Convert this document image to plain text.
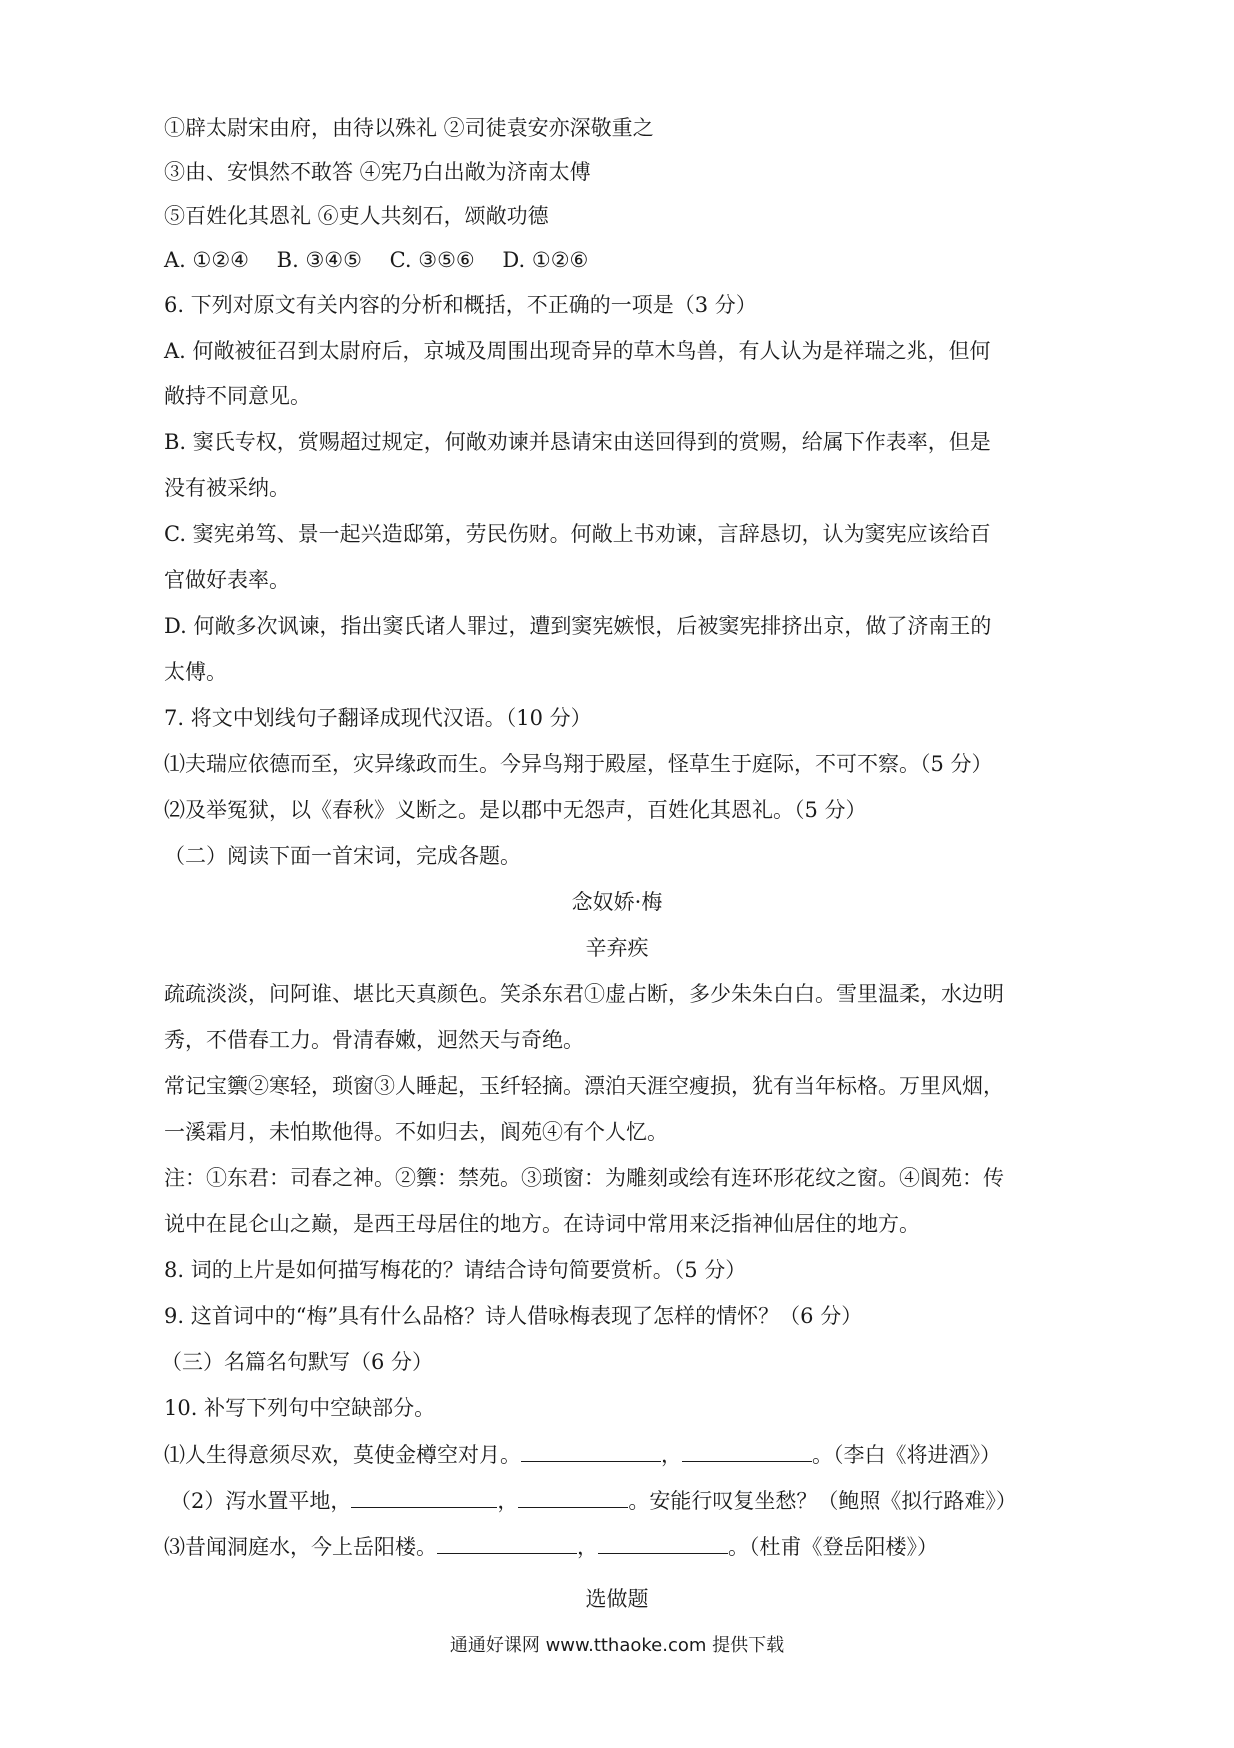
①辟太尉宋由府，由待以殊礼 ②司徒袁安亦深敬重之
③由、安惧然不敢答 ④宪乃白出敞为济南太傅
⑤百姓化其恩礼 ⑥吏人共刻石，颂敞功德
A. ①②④　 B. ③④⑤　 C. ③⑤⑥　 D. ①②⑥
6. 下列对原文有关内容的分析和概括，不正确的一项是（3 分）
A. 何敞被征召到太尉府后，京城及周围出现奇异的草木鸟兽，有人认为是祥瑞之兆，但何
敞持不同意见。
B. 窦氏专权，赏赐超过规定，何敞劝谏并恳请宋由送回得到的赏赐，给属下作表率，但是
没有被采纳。
C. 窦宪弟笃、景一起兴造邸第，劳民伤财。何敞上书劝谏，言辞恳切，认为窦宪应该给百
官做好表率。
D. 何敞多次讽谏，指出窦氏诸人罪过，遭到窦宪嫉恨，后被窦宪排挤出京，做了济南王的
太傅。
7. 将文中划线句子翻译成现代汉语。（10 分）
⑴夫瑞应依德而至，灾异缘政而生。今异鸟翔于殿屋，怪草生于庭际，不可不察。（5 分）
⑵及举冤狱，以《春秋》义断之。是以郡中无怨声，百姓化其恩礼。（5 分）
（二）阅读下面一首宋词，完成各题。
念奴娇·梅
辛弃疾
疏疏淡淡，问阿谁、堪比天真颜色。笑杀东君①虚占断，多少朱朱白白。雪里温柔，水边明
秀，不借春工力。骨清春嫩，迥然天与奇绝。
常记宝籞②寒轻，琐窗③人睡起，玉纤轻摘。漂泊天涯空瘦损，犹有当年标格。万里风烟，
一溪霜月，未怕欺他得。不如归去，阆苑④有个人忆。
注：①东君：司春之神。②籞：禁苑。③琐窗：为雕刻或绘有连环形花纹之窗。④阆苑：传
说中在昆仑山之巅，是西王母居住的地方。在诗词中常用来泛指神仙居住的地方。
8. 词的上片是如何描写梅花的？请结合诗句简要赏析。（5 分）
9. 这首词中的“梅”具有什么品格？诗人借咏梅表现了怎样的情怀？（6 分）
（三）名篇名句默写（6 分）
10. 补写下列句中空缺部分。
⑴人生得意须尽欢，莫使金樽空对月。	，	。（李白《将进酒》）
（2）泻水置平地，	，	。安能行叹复坐愁？（鲍照《拟行路难》）
⑶昔闻洞庭水，今上岳阳楼。	，	。（杜甫《登岳阳楼》）
选做题
通通好课网 www.tthaoke.com 提供下载
